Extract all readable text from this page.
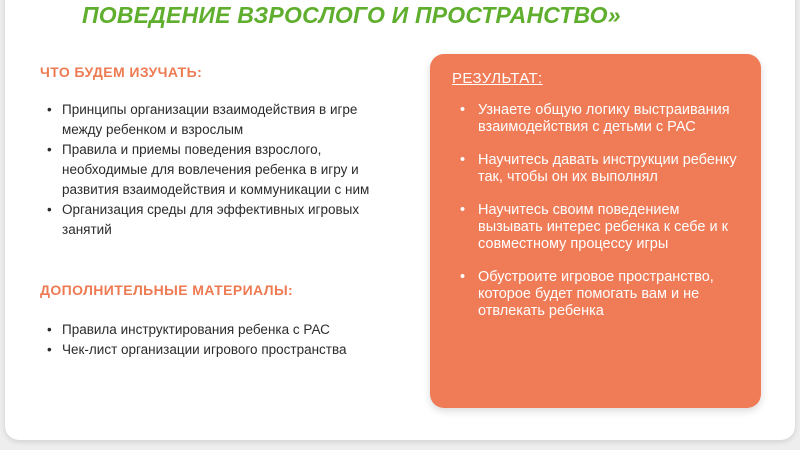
ПОВЕДЕНИЕ ВЗРОСЛОГО И ПРОСТРАНСТВО»
ЧТО БУДЕМ ИЗУЧАТЬ:
• Принципы организации взаимодействия в игре между ребенком и взрослым
• Правила и приемы поведения взрослого, необходимые для вовлечения ребенка в игру и развития взаимодействия и коммуникации с ним
• Организация среды для эффективных игровых занятий
ДОПОЛНИТЕЛЬНЫЕ МАТЕРИАЛЫ:
• Правила инструктирования ребенка с РАС
• Чек-лист организации игрового пространства
РЕЗУЛЬТАТ:
• Узнаете общую логику выстраивания взаимодействия с детьми с РАС
• Научитесь давать инструкции ребенку так, чтобы он их выполнял
• Научитесь своим поведением вызывать интерес ребенка к себе и к совместному процессу игры
• Обустроите игровое пространство, которое будет помогать вам и не отвлекать ребенка
